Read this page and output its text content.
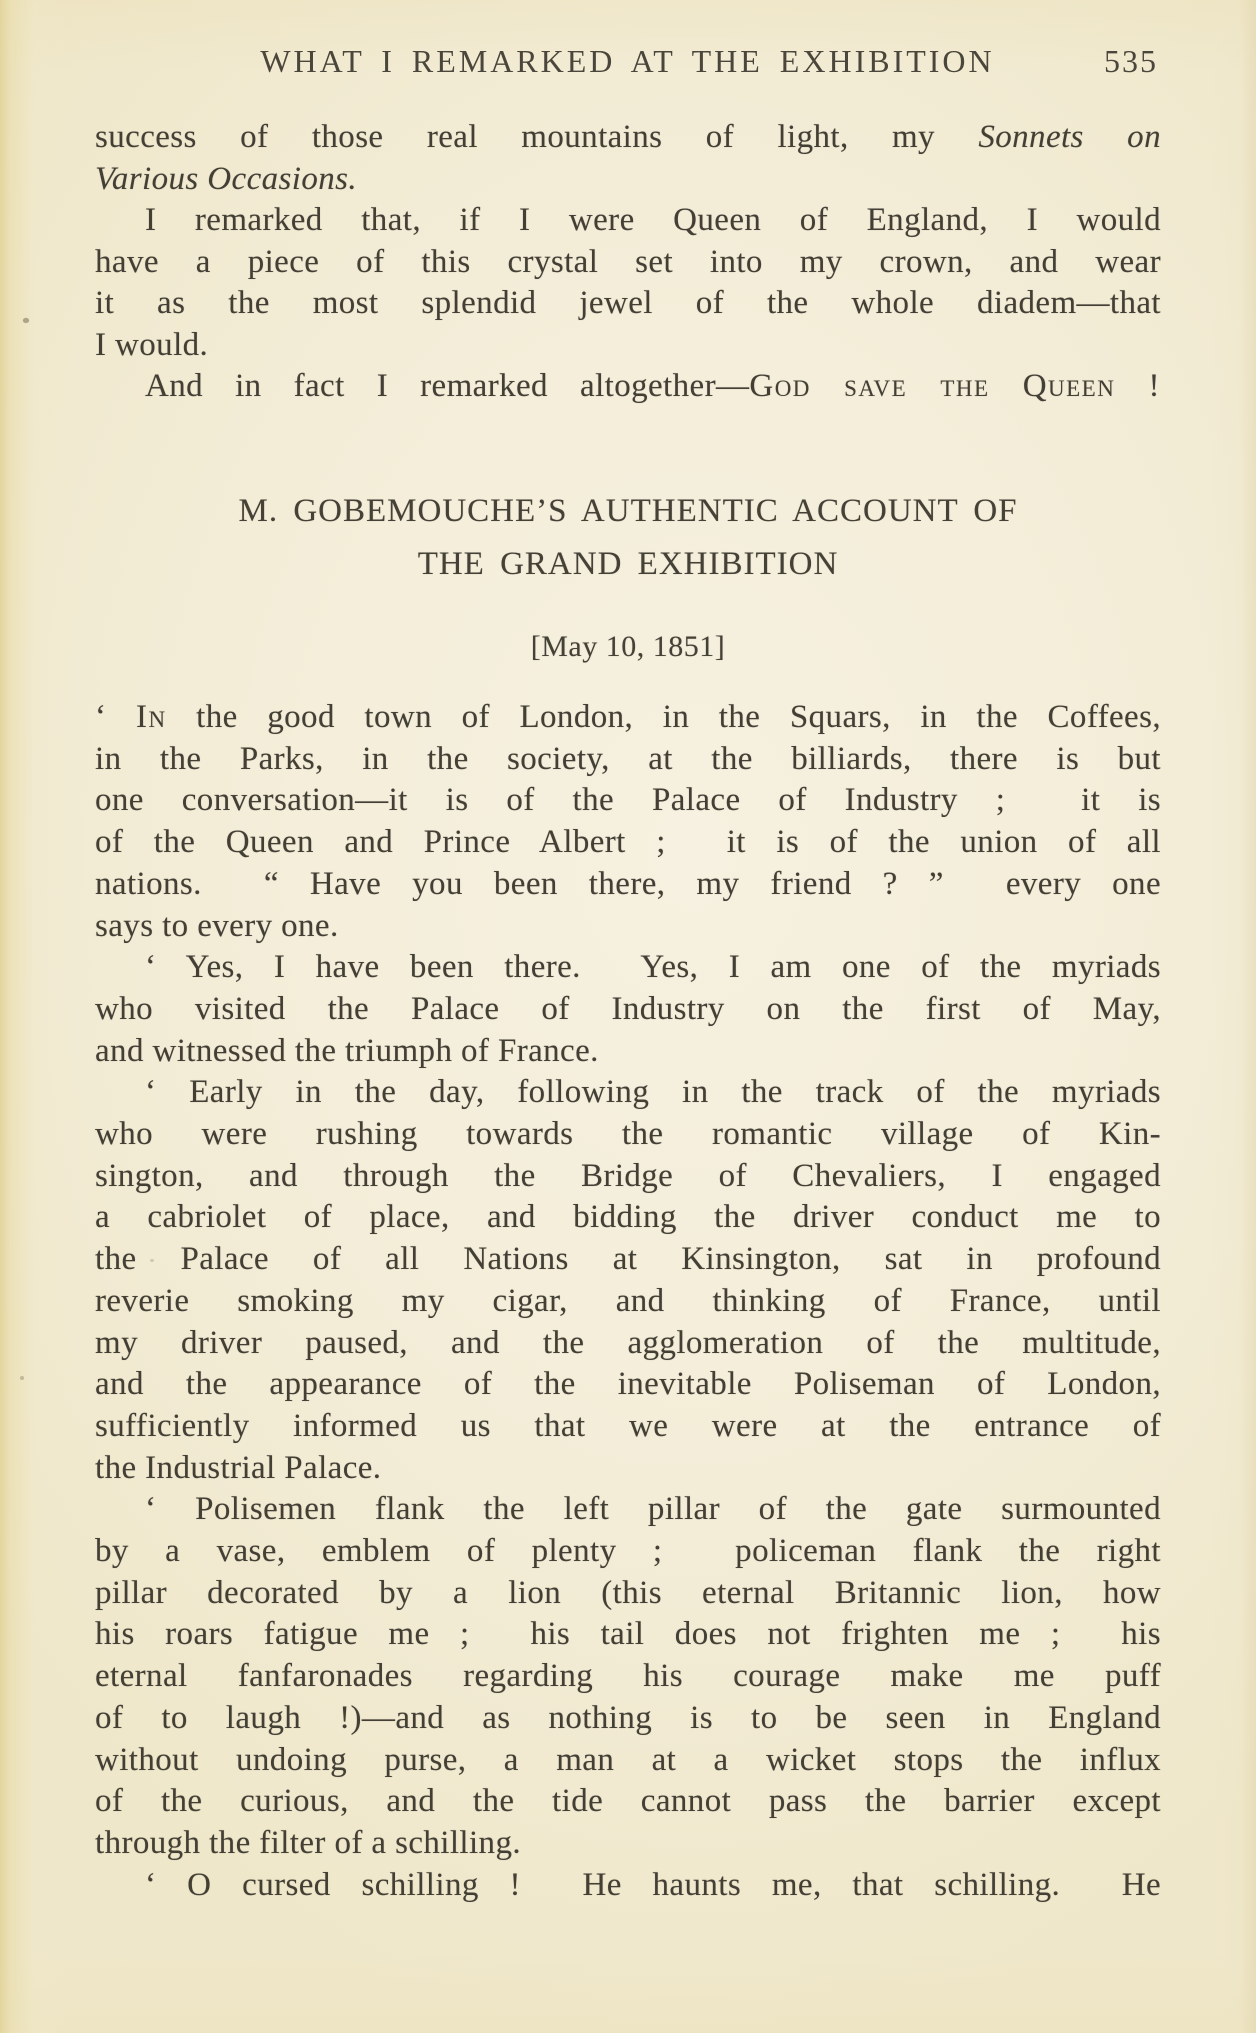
WHAT I REMARKED AT THE EXHIBITION	535
success of those real mountains of light, my Sonnets on
Various Occasions.
I remarked that, if I were Queen of England, I would
have a piece of this crystal set into my crown, and wear
it as the most splendid jewel of the whole diadem—that
I would.
And in fact I remarked altogether—God save the Queen !
M. GOBEMOUCHE’S AUTHENTIC ACCOUNT OF
THE GRAND EXHIBITION
[May 10, 1851]
‘ In the good town of London, in the Squars, in the Coffees,
in the Parks, in the society, at the billiards, there is but
one conversation—it is of the Palace of Industry ;  it is
of the Queen and Prince Albert ;  it is of the union of all
nations.  “ Have you been there, my friend ? ”  every one
says to every one.
‘ Yes, I have been there.  Yes, I am one of the myriads
who visited the Palace of Industry on the first of May,
and witnessed the triumph of France.
‘ Early in the day, following in the track of the myriads
who were rushing towards the romantic village of Kin-
sington, and through the Bridge of Chevaliers, I engaged
a cabriolet of place, and bidding the driver conduct me to
the Palace of all Nations at Kinsington, sat in profound
reverie smoking my cigar, and thinking of France, until
my driver paused, and the agglomeration of the multitude,
and the appearance of the inevitable Poliseman of London,
sufficiently informed us that we were at the entrance of
the Industrial Palace.
‘ Polisemen flank the left pillar of the gate surmounted
by a vase, emblem of plenty ;  policeman flank the right
pillar decorated by a lion (this eternal Britannic lion, how
his roars fatigue me ;  his tail does not frighten me ;  his
eternal fanfaronades regarding his courage make me puff
of to laugh !)—and as nothing is to be seen in England
without undoing purse, a man at a wicket stops the influx
of the curious, and the tide cannot pass the barrier except
through the filter of a schilling.
‘ O cursed schilling !  He haunts me, that schilling.  He
